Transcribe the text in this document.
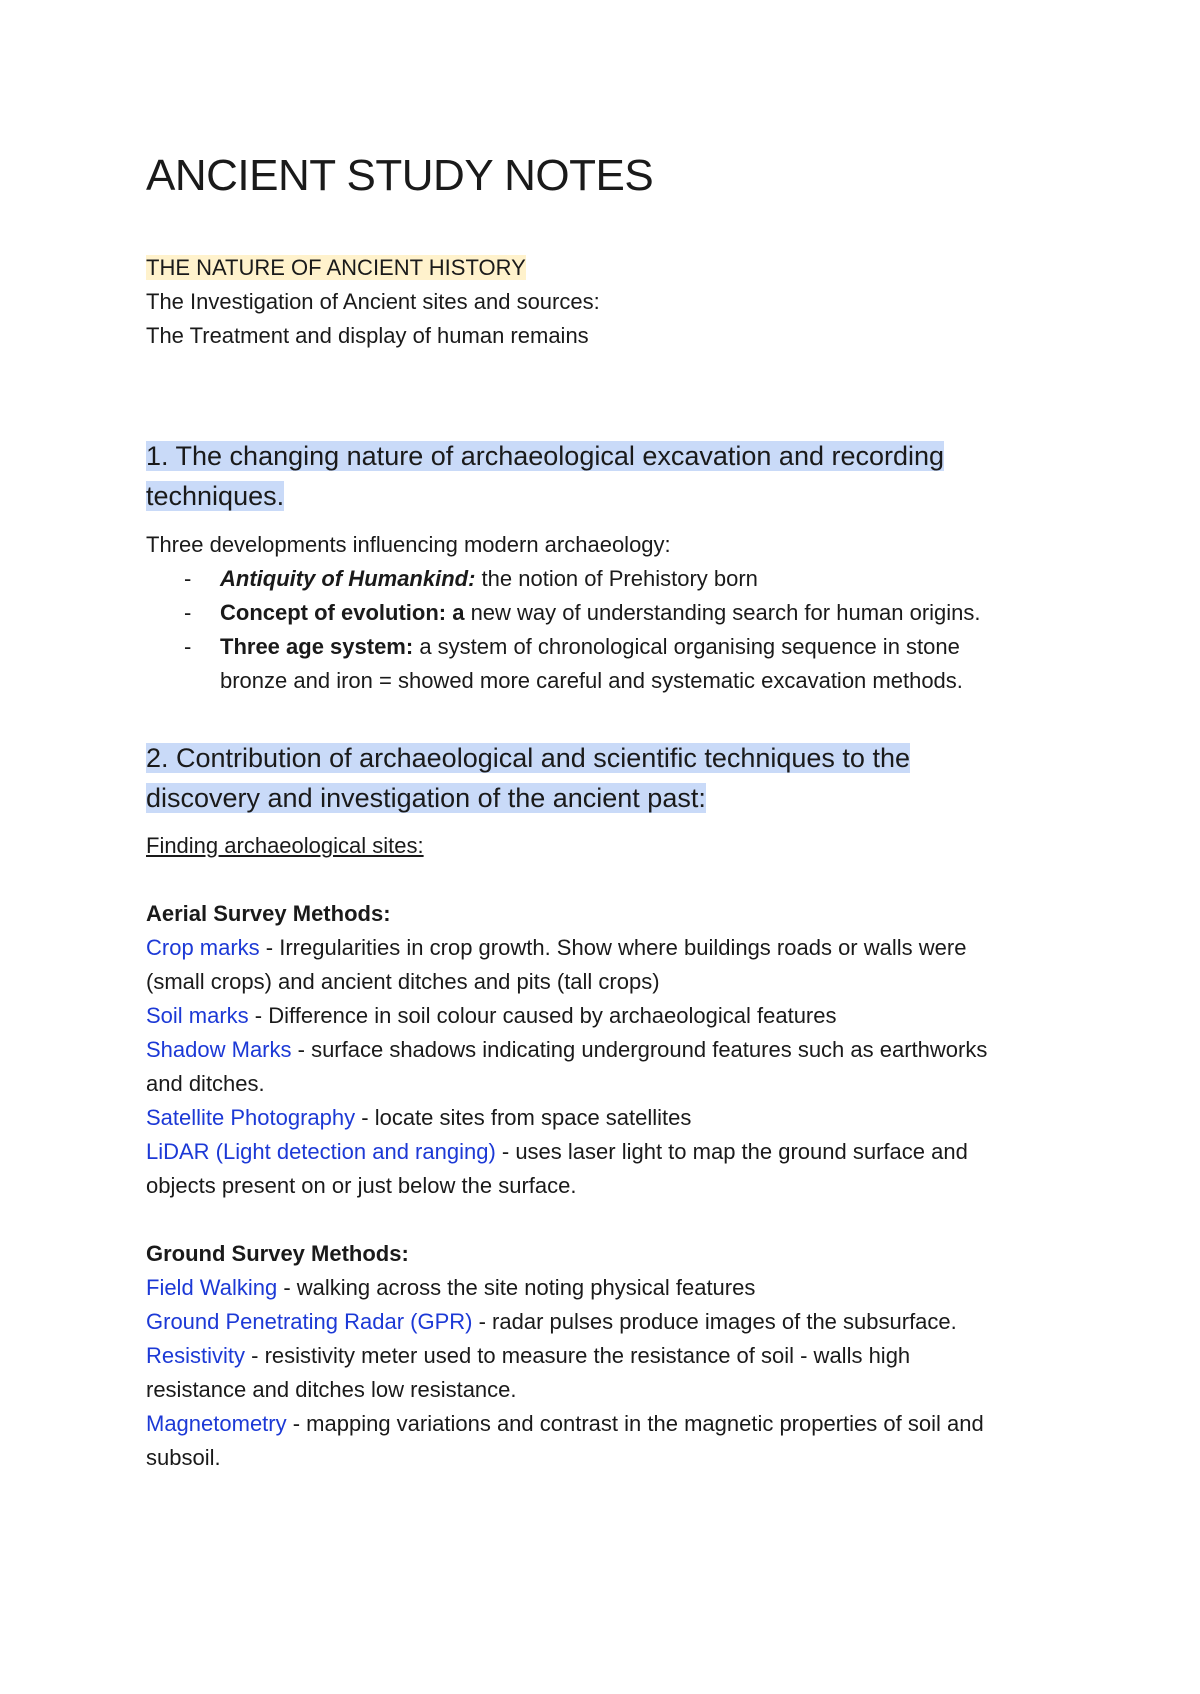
ANCIENT STUDY NOTES
THE NATURE OF ANCIENT HISTORY
The Investigation of Ancient sites and sources:
The Treatment and display of human remains
1. The changing nature of archaeological excavation and recording
techniques.
Three developments influencing modern archaeology:
- Antiquity of Humankind: the notion of Prehistory born
- Concept of evolution: a new way of understanding search for human origins.
- Three age system: a system of chronological organising sequence in stone
bronze and iron = showed more careful and systematic excavation methods.
2. Contribution of archaeological and scientific techniques to the
discovery and investigation of the ancient past:
Finding archaeological sites:
Aerial Survey Methods:
Crop marks - Irregularities in crop growth. Show where buildings roads or walls were
(small crops) and ancient ditches and pits (tall crops)
Soil marks - Difference in soil colour caused by archaeological features
Shadow Marks - surface shadows indicating underground features such as earthworks
and ditches.
Satellite Photography - locate sites from space satellites
LiDAR (Light detection and ranging) - uses laser light to map the ground surface and
objects present on or just below the surface.
Ground Survey Methods:
Field Walking - walking across the site noting physical features
Ground Penetrating Radar (GPR) - radar pulses produce images of the subsurface.
Resistivity - resistivity meter used to measure the resistance of soil - walls high
resistance and ditches low resistance.
Magnetometry - mapping variations and contrast in the magnetic properties of soil and
subsoil.
